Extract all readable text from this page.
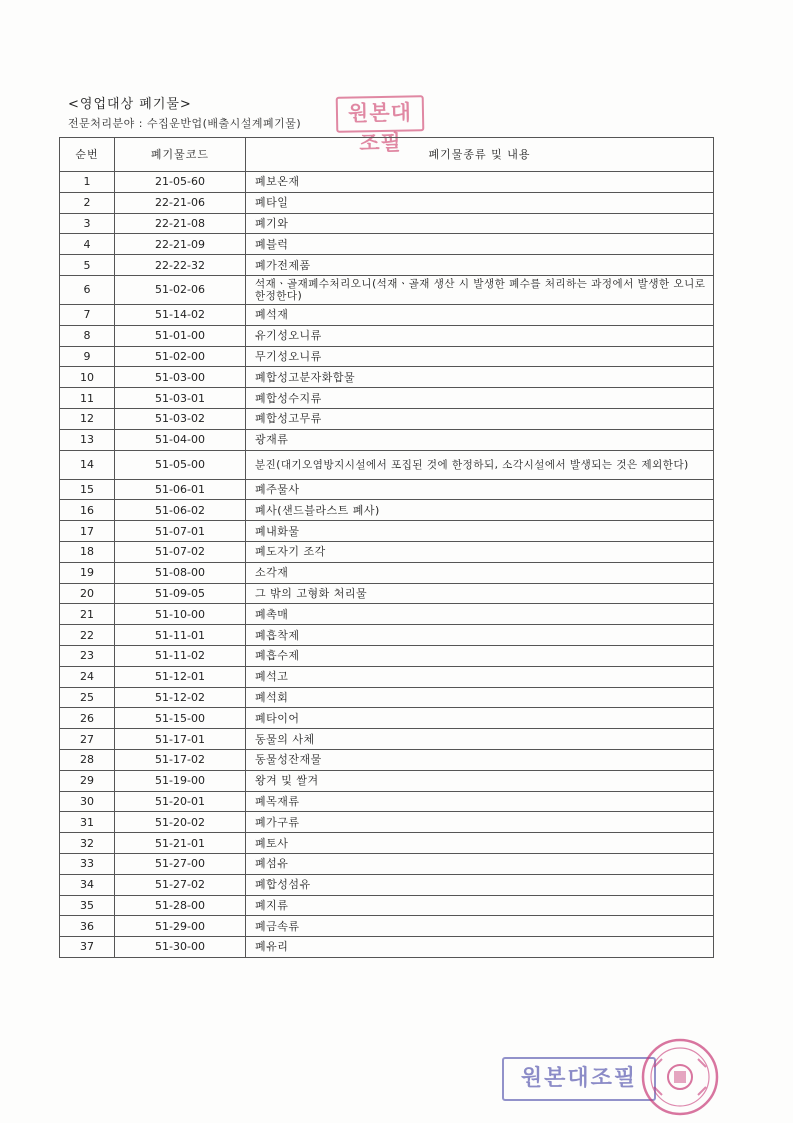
<영업대상 폐기물>
전문처리분야 : 수집운반업(배출시설계폐기물)	원본대조필
순번	폐기물코드	폐기물종류 및 내용
1	21-05-60	폐보온재
2	22-21-06	폐타일
3	22-21-08	폐기와
4	22-21-09	폐블럭
5	22-22-32	폐가전제품
6	51-02-06	석재ㆍ골재폐수처리오니(석재ㆍ골재 생산 시 발생한 폐수를 처리하는 과정에서 발생한 오니로 한정한다)
7	51-14-02	폐석재
8	51-01-00	유기성오니류
9	51-02-00	무기성오니류
10	51-03-00	폐합성고분자화합물
11	51-03-01	폐합성수지류
12	51-03-02	폐합성고무류
13	51-04-00	광재류
14	51-05-00	분진(대기오염방지시설에서 포집된 것에 한정하되, 소각시설에서 발생되는 것은 제외한다)
15	51-06-01	폐주물사
16	51-06-02	폐사(샌드블라스트 폐사)
17	51-07-01	폐내화물
18	51-07-02	폐도자기 조각
19	51-08-00	소각재
20	51-09-05	그 밖의 고형화 처리물
21	51-10-00	폐촉매
22	51-11-01	폐흡착제
23	51-11-02	폐흡수제
24	51-12-01	폐석고
25	51-12-02	폐석회
26	51-15-00	폐타이어
27	51-17-01	동물의 사체
28	51-17-02	동물성잔재물
29	51-19-00	왕겨 및 쌀겨
30	51-20-01	폐목재류
31	51-20-02	폐가구류
32	51-21-01	폐토사
33	51-27-00	폐섬유
34	51-27-02	폐합성섬유
35	51-28-00	폐지류
36	51-29-00	폐금속류
37	51-30-00	폐유리
원본대조필
